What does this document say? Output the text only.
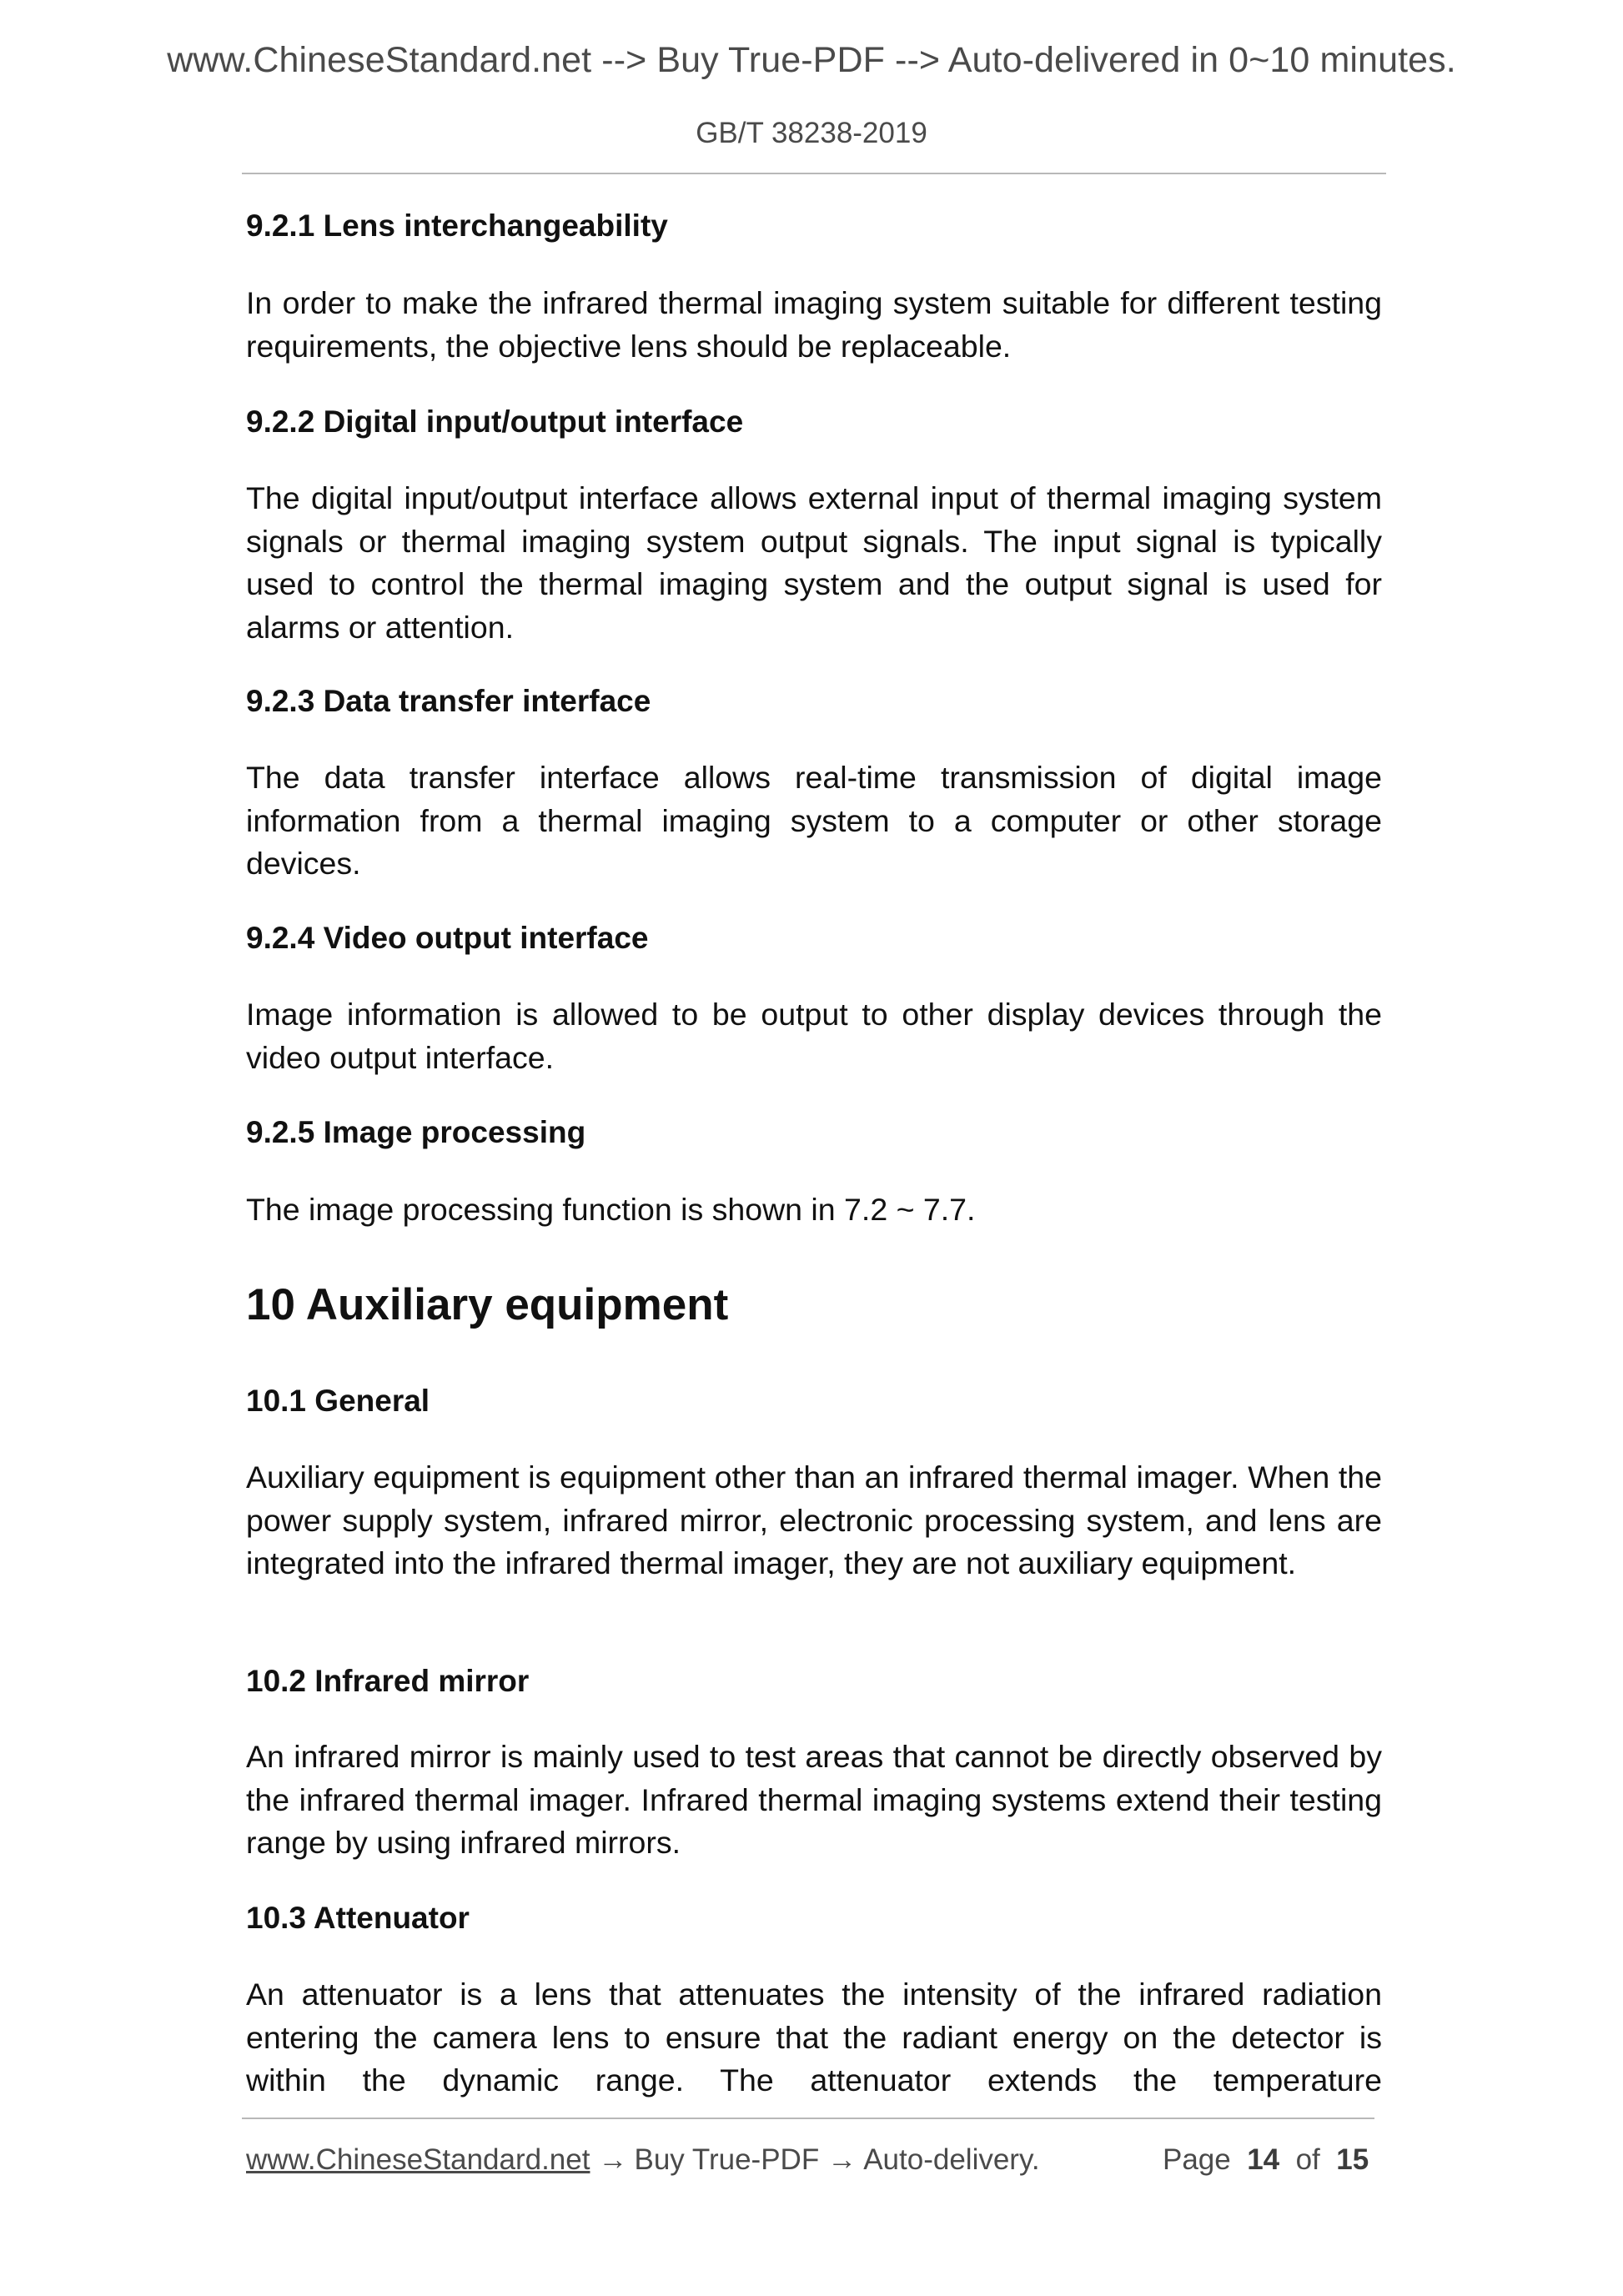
www.ChineseStandard.net --> Buy True-PDF --> Auto-delivered in 0~10 minutes.
GB/T 38238-2019
9.2.1 Lens interchangeability
In order to make the infrared thermal imaging system suitable for different testing requirements, the objective lens should be replaceable.
9.2.2 Digital input/output interface
The digital input/output interface allows external input of thermal imaging system signals or thermal imaging system output signals. The input signal is typically used to control the thermal imaging system and the output signal is used for alarms or attention.
9.2.3 Data transfer interface
The data transfer interface allows real-time transmission of digital image information from a thermal imaging system to a computer or other storage devices.
9.2.4 Video output interface
Image information is allowed to be output to other display devices through the video output interface.
9.2.5 Image processing
The image processing function is shown in 7.2 ~ 7.7.
10 Auxiliary equipment
10.1 General
Auxiliary equipment is equipment other than an infrared thermal imager. When the power supply system, infrared mirror, electronic processing system, and lens are integrated into the infrared thermal imager, they are not auxiliary equipment.
10.2 Infrared mirror
An infrared mirror is mainly used to test areas that cannot be directly observed by the infrared thermal imager. Infrared thermal imaging systems extend their testing range by using infrared mirrors.
10.3 Attenuator
An attenuator is a lens that attenuates the intensity of the infrared radiation entering the camera lens to ensure that the radiant energy on the detector is within the dynamic range. The attenuator extends the temperature
www.ChineseStandard.net → Buy True-PDF → Auto-delivery.	Page 14 of 15
